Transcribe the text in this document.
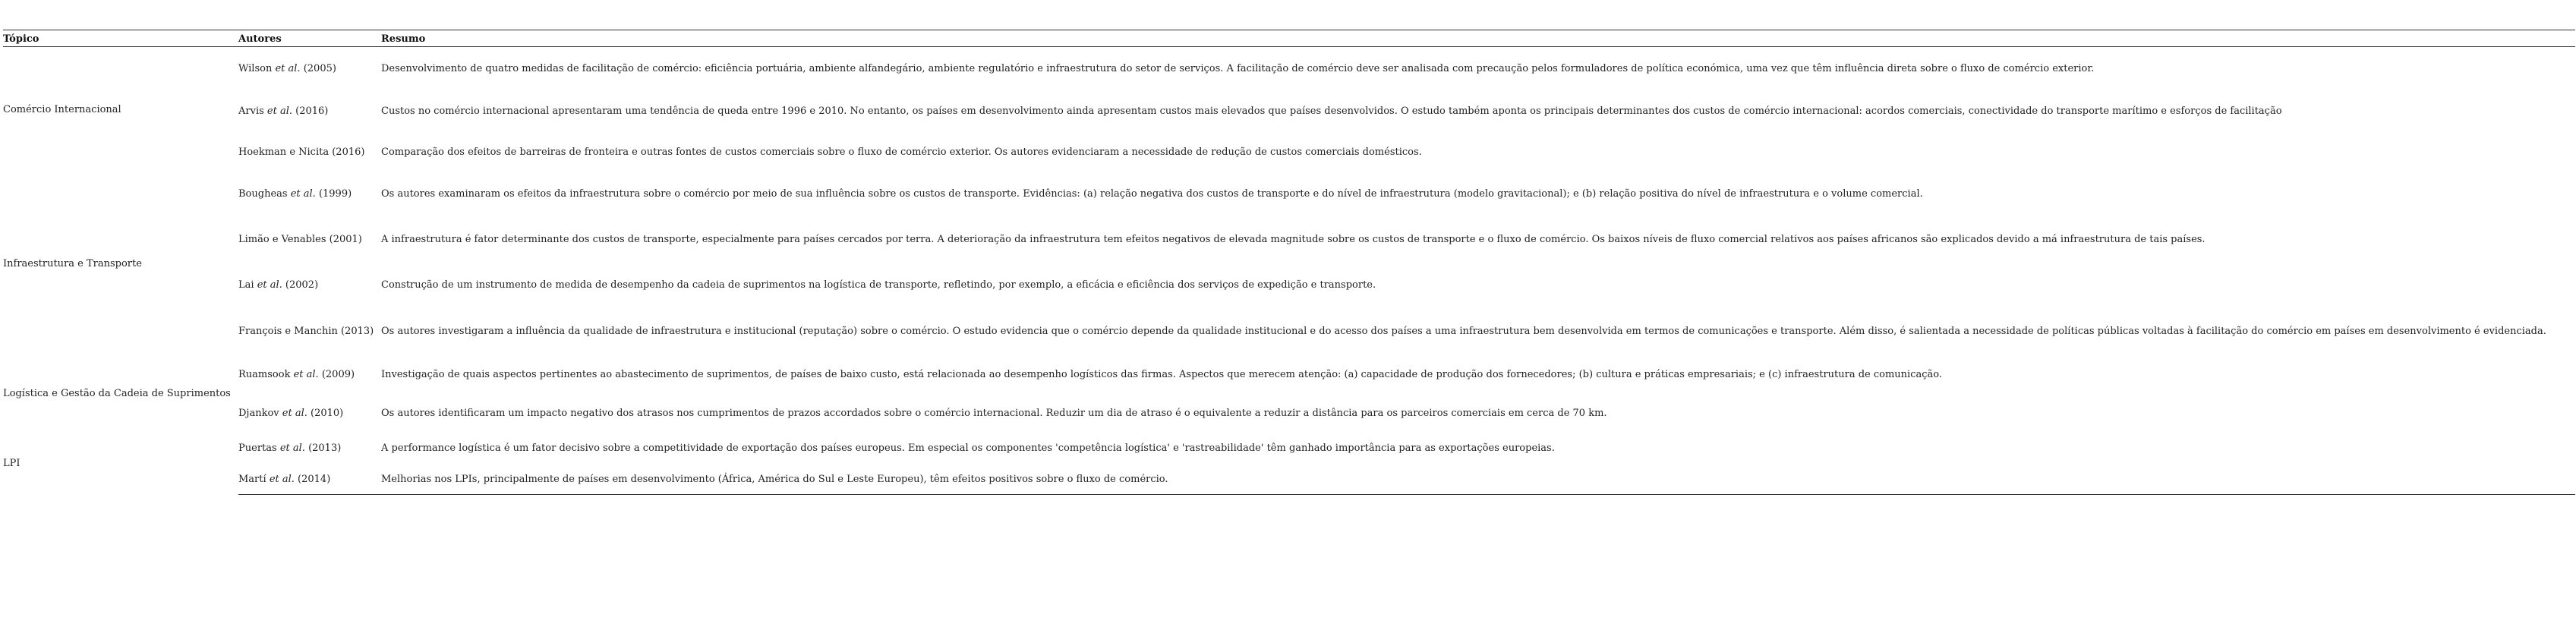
Tópico	Autores	Resumo
Comércio Internacional	Wilson et al. (2005)	Desenvolvimento de quatro medidas de facilitação de comércio: eficiência portuária, ambiente alfandegário, ambiente regulatório e infraestrutura do setor de serviços. A facilitação de comércio deve ser analisada com precaução pelos formuladores de política económica, uma vez que têm influência direta sobre o fluxo de comércio exterior.
	Arvis et al. (2016)	Custos no comércio internacional apresentaram uma tendência de queda entre 1996 e 2010. No entanto, os países em desenvolvimento ainda apresentam custos mais elevados que países desenvolvidos. O estudo também aponta os principais determinantes dos custos de comércio internacional: acordos comerciais, conectividade do transporte marítimo e esforços de facilitação
	Hoekman e Nicita (2016)	Comparação dos efeitos de barreiras de fronteira e outras fontes de custos comerciais sobre o fluxo de comércio exterior. Os autores evidenciaram a necessidade de redução de custos comerciais domésticos.
Infraestrutura e Transporte	Bougheas et al. (1999)	Os autores examinaram os efeitos da infraestrutura sobre o comércio por meio de sua influência sobre os custos de transporte. Evidências: (a) relação negativa dos custos de transporte e do nível de infraestrutura (modelo gravitacional); e (b) relação positiva do nível de infraestrutura e o volume comercial.
	Limão e Venables (2001)	A infraestrutura é fator determinante dos custos de transporte, especialmente para países cercados por terra. A deterioração da infraestrutura tem efeitos negativos de elevada magnitude sobre os custos de transporte e o fluxo de comércio. Os baixos níveis de fluxo comercial relativos aos países africanos são explicados devido a má infraestrutura de tais países.
	Lai et al. (2002)	Construção de um instrumento de medida de desempenho da cadeia de suprimentos na logística de transporte, refletindo, por exemplo, a eficácia e eficiência dos serviços de expedição e transporte.
	François e Manchin (2013)	Os autores investigaram a influência da qualidade de infraestrutura e institucional (reputação) sobre o comércio. O estudo evidencia que o comércio depende da qualidade institucional e do acesso dos países a uma infraestrutura bem desenvolvida em termos de comunicações e transporte. Além disso, é salientada a necessidade de políticas públicas voltadas à facilitação do comércio em países em desenvolvimento é evidenciada.
Logística e Gestão da Cadeia de Suprimentos	Ruamsook et al. (2009)	Investigação de quais aspectos pertinentes ao abastecimento de suprimentos, de países de baixo custo, está relacionada ao desempenho logísticos das firmas. Aspectos que merecem atenção: (a) capacidade de produção dos fornecedores; (b) cultura e práticas empresariais; e (c) infraestrutura de comunicação.
	Djankov et al. (2010)	Os autores identificaram um impacto negativo dos atrasos nos cumprimentos de prazos accordados sobre o comércio internacional. Reduzir um dia de atraso é o equivalente a reduzir a distância para os parceiros comerciais em cerca de 70 km.
LPI	Puertas et al. (2013)	A performance logística é um fator decisivo sobre a competitividade de exportação dos países europeus. Em especial os componentes 'competência logística' e 'rastreabilidade' têm ganhado importância para as exportações europeias.
	Martí et al. (2014)	Melhorias nos LPIs, principalmente de países em desenvolvimento (África, América do Sul e Leste Europeu), têm efeitos positivos sobre o fluxo de comércio.
